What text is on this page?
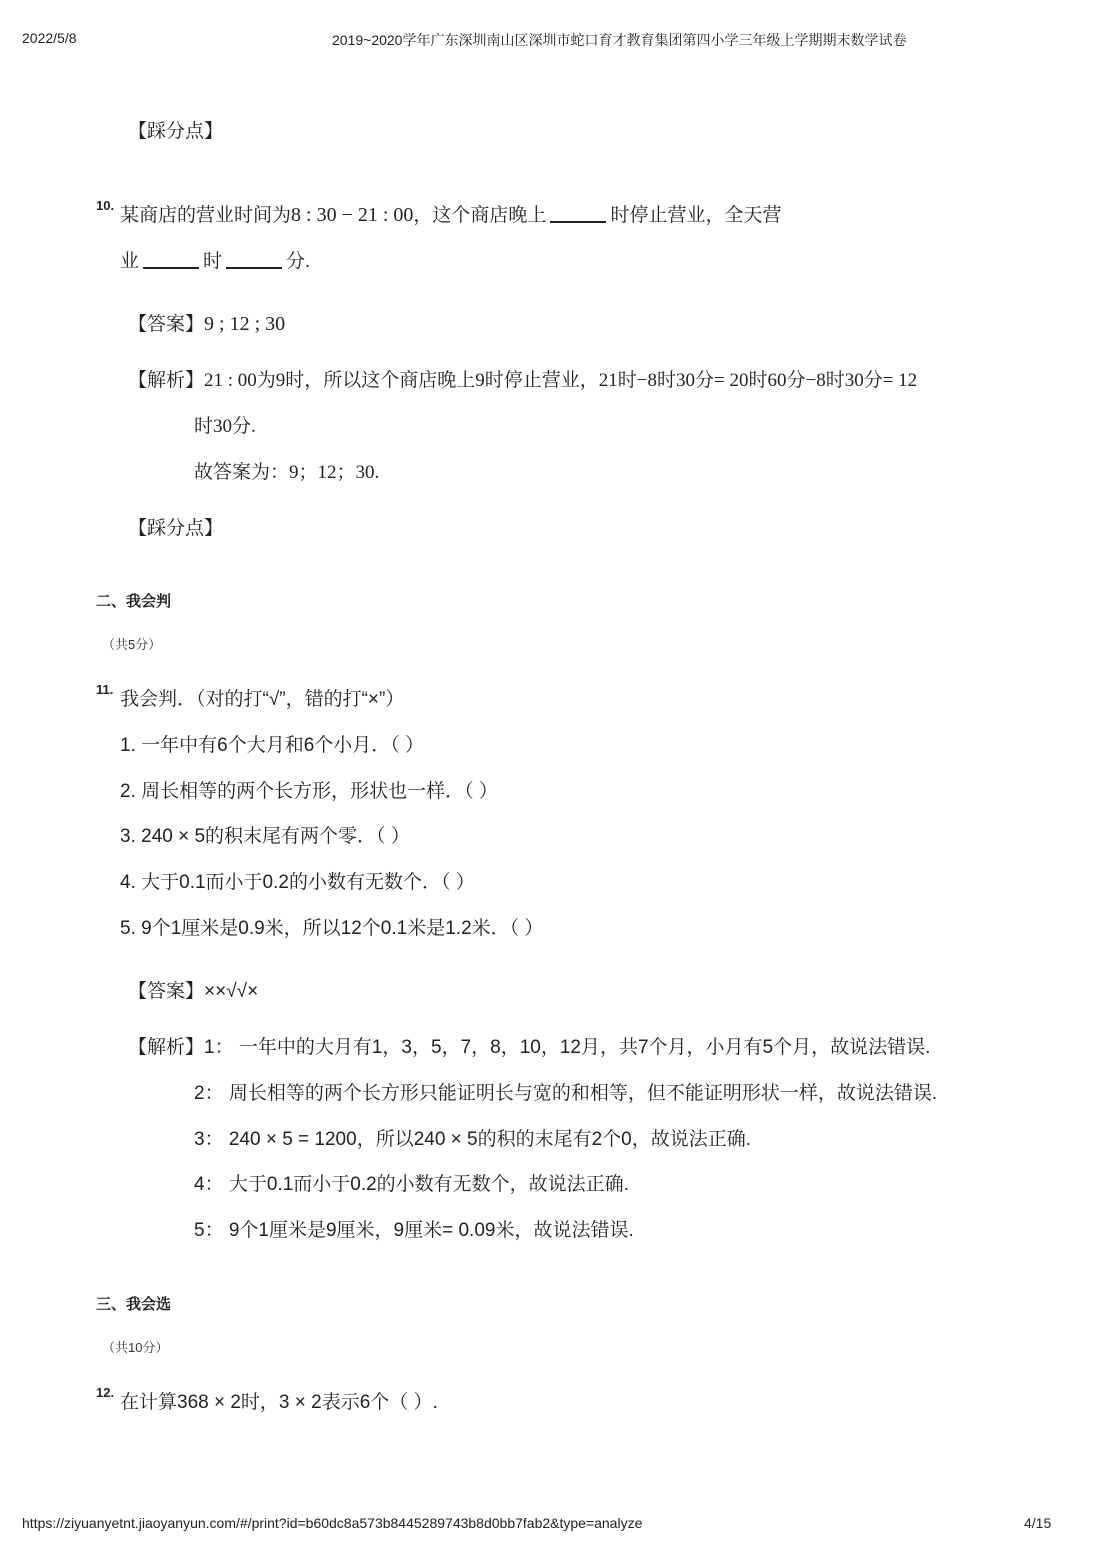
2022/5/8	2019~2020学年广东深圳南山区深圳市蛇口育才教育集团第四小学三年级上学期期末数学试卷
【踩分点】
10. 某商店的营业时间为8 : 30 − 21 : 00，这个商店晚上	时停止营业，全天营
业	时	分.
【答案】9 ; 12 ; 30
【解析】21 : 00为9时，所以这个商店晚上9时停止营业，21时−8时30分= 20时60分−8时30分= 12
时30分.
故答案为：9；12；30.
【踩分点】
二、我会判
（共5分）
11. 我会判．（对的打“√”，错的打“×”）
1. 一年中有6个大月和6个小月．（ ）
2. 周长相等的两个长方形，形状也一样．（ ）
3. 240 × 5的积末尾有两个零．（ ）
4. 大于0.1而小于0.2的小数有无数个．（ ）
5. 9个1厘米是0.9米，所以12个0.1米是1.2米．（ ）
【答案】××√√×
【解析】1： 一年中的大月有1，3，5，7，8，10，12月，共7个月，小月有5个月，故说法错误.
2： 周长相等的两个长方形只能证明长与宽的和相等，但不能证明形状一样，故说法错误.
3： 240 × 5 = 1200，所以240 × 5的积的末尾有2个0，故说法正确.
4： 大于0.1而小于0.2的小数有无数个，故说法正确.
5： 9个1厘米是9厘米，9厘米= 0.09米，故说法错误.
三、我会选
（共10分）
12. 在计算368 × 2时，3 × 2表示6个（ ）.
https://ziyuanyetnt.jiaoyanyun.com/#/print?id=b60dc8a573b8445289743b8d0bb7fab2&type=analyze	4/15
